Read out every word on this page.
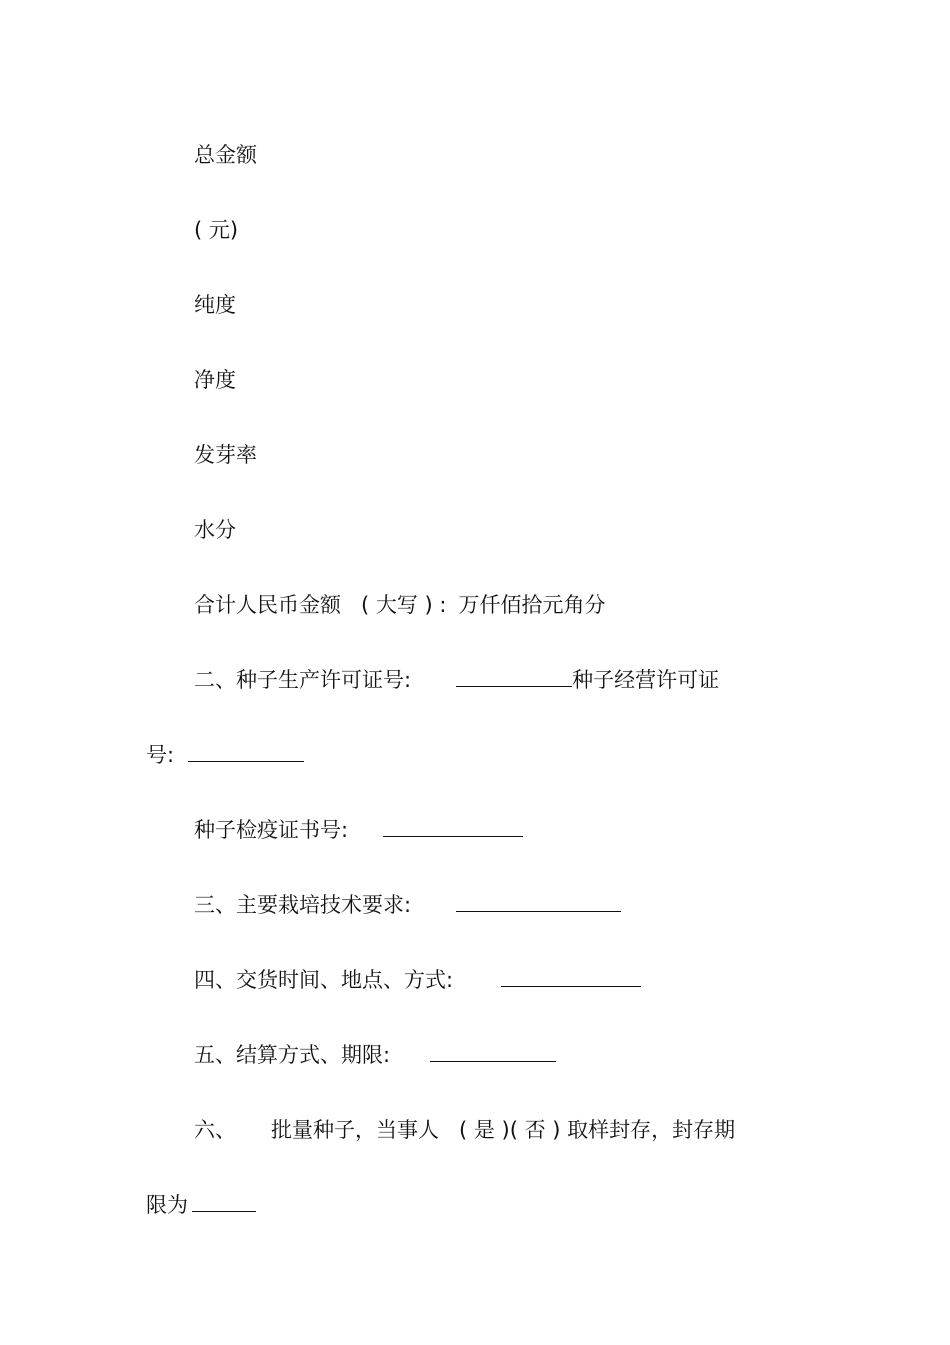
总金额
( 元)
纯度
净度
发芽率
水分
合计人民币金额 ( 大写 ) : 万仟佰拾元角分
二、种子生产许可证号:	种子经营许可证
号:
种子检疫证书号:
三、主要栽培技术要求:
四、交货时间、地点、方式:
五、结算方式、期限:
六、 批量种子，当事人 ( 是 )( 否 ) 取样封存，封存期
限为
